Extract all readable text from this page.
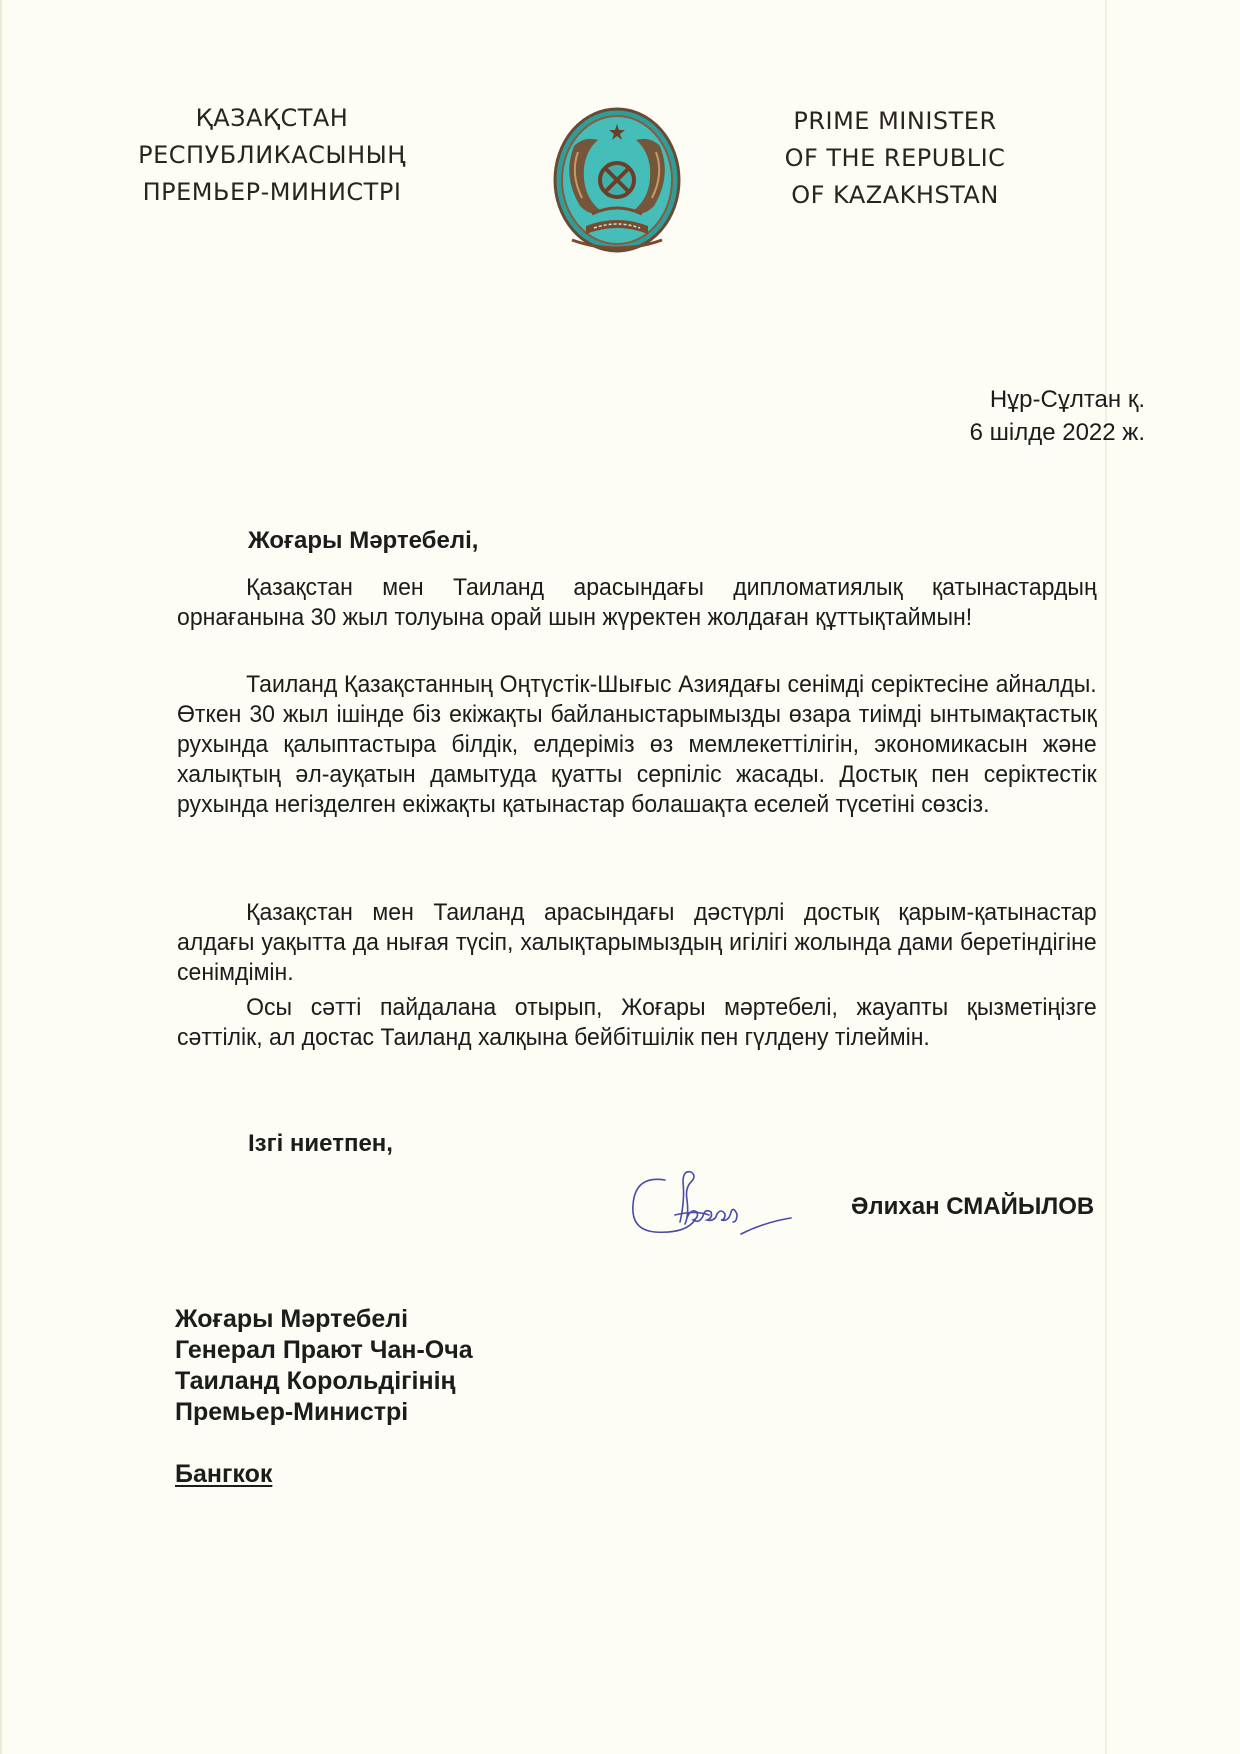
ҚАЗАҚСТАН
РЕСПУБЛИКАСЫНЫҢ
ПРЕМЬЕР-МИНИСТРІ
PRIME MINISTER
OF THE REPUBLIC
OF KAZAKHSTAN
Нұр-Сұлтан қ.
6 шілде 2022 ж.
Жоғары Мәртебелі,

Қазақстан мен Таиланд арасындағы дипломатиялық қатынастардың орнағанына 30 жыл толуына орай шын жүректен жолдаған құттықтаймын!

Таиланд Қазақстанның Оңтүстік-Шығыс Азиядағы сенімді серіктесіне айналды. Өткен 30 жыл ішінде біз екіжақты байланыстарымызды өзара тиімді ынтымақтастық рухында қалыптастыра білдік, елдеріміз өз мемлекеттілігін, экономикасын және халықтың әл-ауқатын дамытуда қуатты серпіліс жасады. Достық пен серіктестік рухында негізделген екіжақты қатынастар болашақта еселей түсетіні сөзсіз.

Қазақстан мен Таиланд арасындағы дәстүрлі достық қарым-қатынастар алдағы уақытта да нығая түсіп, халықтарымыздың игілігі жолында дами беретіндігіне сенімдімін.

Осы сәтті пайдалана отырып, Жоғары мәртебелі, жауапты қызметіңізге сәттілік, ал достас Таиланд халқына бейбітшілік пен гүлдену тілеймін.

Ізгі ниетпен,
Әлихан СМАЙЫЛОВ
Жоғары Мәртебелі
Генерал Прают Чан-Оча
Таиланд Корольдігінің
Премьер-Министрі
Бангкок
